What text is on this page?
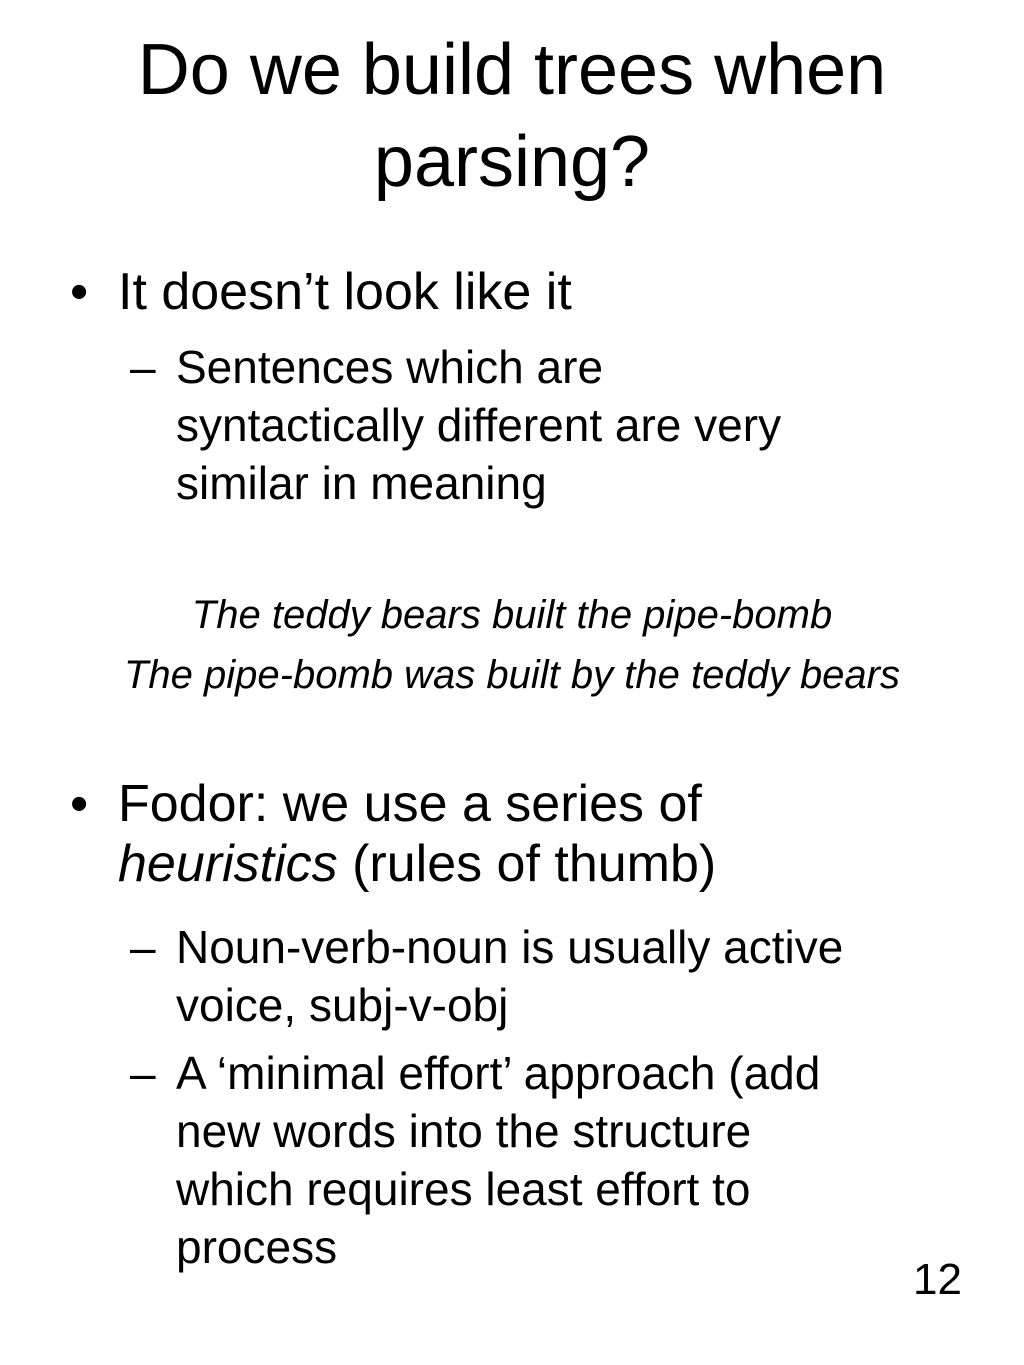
Do we build trees when
parsing?
• It doesn’t look like it
– Sentences which are
syntactically different are very
similar in meaning
The teddy bears built the pipe-bomb
The pipe-bomb was built by the teddy bears
• Fodor: we use a series of
heuristics (rules of thumb)
– Noun-verb-noun is usually active
voice, subj-v-obj
– A ‘minimal effort’ approach (add
new words into the structure
which requires least effort to
process
12
